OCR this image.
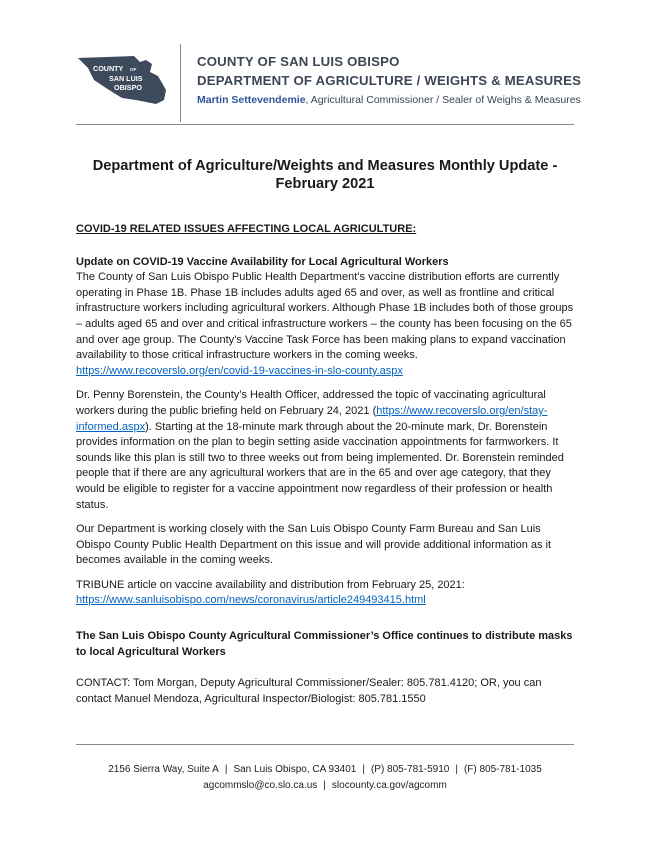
COUNTY OF
SAN LUIS
OBISPO
COUNTY OF SAN LUIS OBISPO
DEPARTMENT OF AGRICULTURE / WEIGHTS & MEASURES
Martin Settevendemie, Agricultural Commissioner / Sealer of Weighs & Measures
Department of Agriculture/Weights and Measures Monthly Update -
February 2021
COVID-19 RELATED ISSUES AFFECTING LOCAL AGRICULTURE:
Update on COVID-19 Vaccine Availability for Local Agricultural Workers

The County of San Luis Obispo Public Health Department’s vaccine distribution efforts are currently operating in Phase 1B. Phase 1B includes adults aged 65 and over, as well as frontline and critical infrastructure workers including agricultural workers. Although Phase 1B includes both of those groups – adults aged 65 and over and critical infrastructure workers – the county has been focusing on the 65 and over age group. The County’s Vaccine Task Force has been making plans to expand vaccination availability to those critical infrastructure workers in the coming weeks. https://www.recoverslo.org/en/covid-19-vaccines-in-slo-county.aspx

Dr. Penny Borenstein, the County’s Health Officer, addressed the topic of vaccinating agricultural workers during the public briefing held on February 24, 2021 (https://www.recoverslo.org/en/stay-informed.aspx). Starting at the 18-minute mark through about the 20-minute mark, Dr. Borenstein provides information on the plan to begin setting aside vaccination appointments for farmworkers. It sounds like this plan is still two to three weeks out from being implemented. Dr. Borenstein reminded people that if there are any agricultural workers that are in the 65 and over age category, that they would be eligible to register for a vaccine appointment now regardless of their profession or health status.

Our Department is working closely with the San Luis Obispo County Farm Bureau and San Luis Obispo County Public Health Department on this issue and will provide additional information as it becomes available in the coming weeks.

TRIBUNE article on vaccine availability and distribution from February 25, 2021:
https://www.sanluisobispo.com/news/coronavirus/article249493415.html

The San Luis Obispo County Agricultural Commissioner’s Office continues to distribute masks to local Agricultural Workers

CONTACT: Tom Morgan, Deputy Agricultural Commissioner/Sealer: 805.781.4120; OR, you can contact Manuel Mendoza, Agricultural Inspector/Biologist: 805.781.1550

2156 Sierra Way, Suite A | San Luis Obispo, CA 93401 | (P) 805-781-5910 | (F) 805-781-1035
agcommslo@co.slo.ca.us | slocounty.ca.gov/agcomm
